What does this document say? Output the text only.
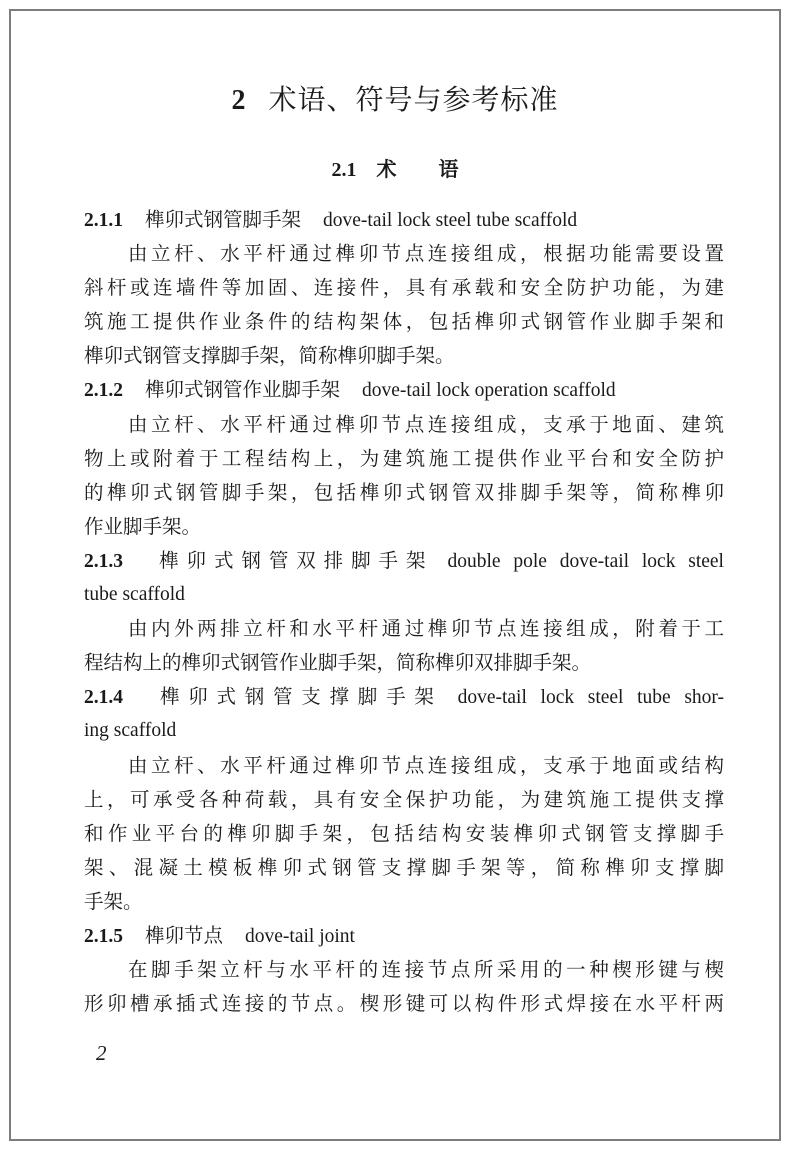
2 术语、符号与参考标准
2.1 术 语
2.1.1 榫卯式钢管脚手架 dove-tail lock steel tube scaffold
由立杆、水平杆通过榫卯节点连接组成，根据功能需要设置
斜杆或连墙件等加固、连接件，具有承载和安全防护功能，为建
筑施工提供作业条件的结构架体，包括榫卯式钢管作业脚手架和
榫卯式钢管支撑脚手架，简称榫卯脚手架。
2.1.2 榫卯式钢管作业脚手架 dove-tail lock operation scaffold
由立杆、水平杆通过榫卯节点连接组成，支承于地面、建筑
物上或附着于工程结构上，为建筑施工提供作业平台和安全防护
的榫卯式钢管脚手架，包括榫卯式钢管双排脚手架等，简称榫卯
作业脚手架。
2.1.3 榫卯式钢管双排脚手架 double pole dove-tail lock steel
tube scaffold
由内外两排立杆和水平杆通过榫卯节点连接组成，附着于工
程结构上的榫卯式钢管作业脚手架，简称榫卯双排脚手架。
2.1.4 榫卯式钢管支撑脚手架 dove-tail lock steel tube shor-
ing scaffold
由立杆、水平杆通过榫卯节点连接组成，支承于地面或结构
上，可承受各种荷载，具有安全保护功能，为建筑施工提供支撑
和作业平台的榫卯脚手架，包括结构安装榫卯式钢管支撑脚手
架、混凝土模板榫卯式钢管支撑脚手架等，简称榫卯支撑脚
手架。
2.1.5 榫卯节点 dove-tail joint
在脚手架立杆与水平杆的连接节点所采用的一种楔形键与楔
形卯槽承插式连接的节点。楔形键可以构件形式焊接在水平杆两
2
